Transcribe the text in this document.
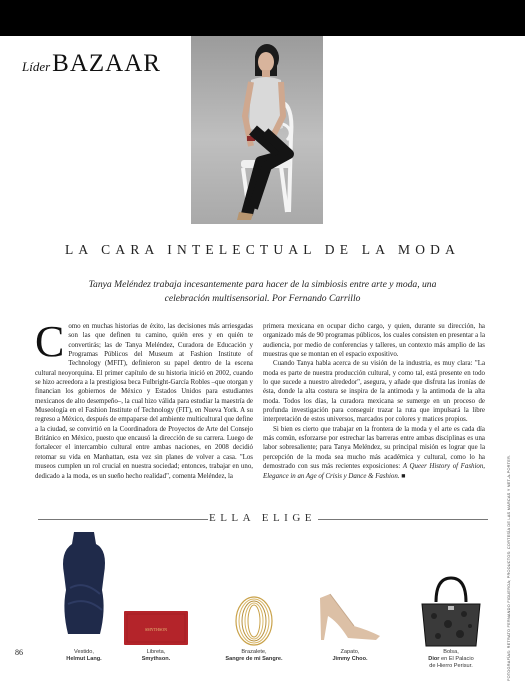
Líder BAZAAR
LA CARA INTELECTUAL DE LA MODA
Tanya Meléndez trabaja incesantemente para hacer de la simbiosis entre arte y moda, una celebración multisensorial. Por Fernando Carrillo

Como en muchas historias de éxito, las decisiones más arriesgadas son las que definen tu camino, quién eres y en quién te convertirás; las de Tanya Meléndez, Curadora de Educación y Programas Públicos del Museum at Fashion Institute of Technology (MFIT), definieron su papel dentro de la escena cultural neoyorquina. El primer capítulo de su historia inició en 2002, cuando se hizo acreedora a la prestigiosa beca Fulbright-García Robles –que otorgan y financian los gobiernos de México y Estados Unidos para estudiantes mexicanos de alto desempeño–, la cual hizo válida para estudiar la maestría de Museología en el Fashion Institute of Technology (FIT), en Nueva York. A su regreso a México, después de empaparse del ambiente multicultural que define a la ciudad, se convirtió en la Coordinadora de Proyectos de Arte del Consejo Británico en México, puesto que encausó la dirección de su carrera. Luego de fortalecer el intercambio cultural entre ambas naciones, en 2008 decidió retomar su vida en Manhattan, esta vez sin planes de volver a casa. "Los museos cumplen un rol crucial en nuestra sociedad; entonces, trabajar en uno, dedicado a la moda, es un sueño hecho realidad", comenta Meléndez, la

primera mexicana en ocupar dicho cargo, y quien, durante su dirección, ha organizado más de 90 programas públicos, los cuales consisten en presentar a la audiencia, por medio de conferencias y talleres, un contexto más amplio de las muestras que se montan en el espacio expositivo.

Cuando Tanya habla acerca de su visión de la industria, es muy clara: "La moda es parte de nuestra producción cultural, y como tal, está presente en todo lo que sucede a nuestro alrededor", asegura, y añade que disfruta las ironías de ésta, donde la alta costura se inspira de la antimoda y la antimoda de la alta moda. Todos los días, la curadora mexicana se sumerge en un proceso de profunda investigación para conseguir trazar la ruta que impulsará la libre interpretación de estos universos, marcados por colores y matices propios.

Si bien es cierto que trabajar en la frontera de la moda y el arte es cada día más común, esforzarse por estrechar las barreras entre ambas disciplinas es una labor sobresaliente; para Tanya Meléndez, su principal misión es lograr que la percepción de la moda sea mucho más académica y cultural, como lo ha demostrado con sus más recientes exposiciones: A Queer History of Fashion, Elegance in an Age of Crisis y Dance & Fashion. ■

ELLA ELIGE
SMYTHSON
Vestido,
Helmut Lang.
Libreta,
Smythson.
Brazalete,
Sangre de mi Sangre.
Zapato,
Jimmy Choo.
Bolsa,
Dior en El Palacio
de Hierro Perisur.
86	FOTOGRAFÍAS: RETRATO FERNANDO FIGUEROA; PRODUCTOS: CORTESÍA DE LAS MARCAS Y NET-A-PORTER.
